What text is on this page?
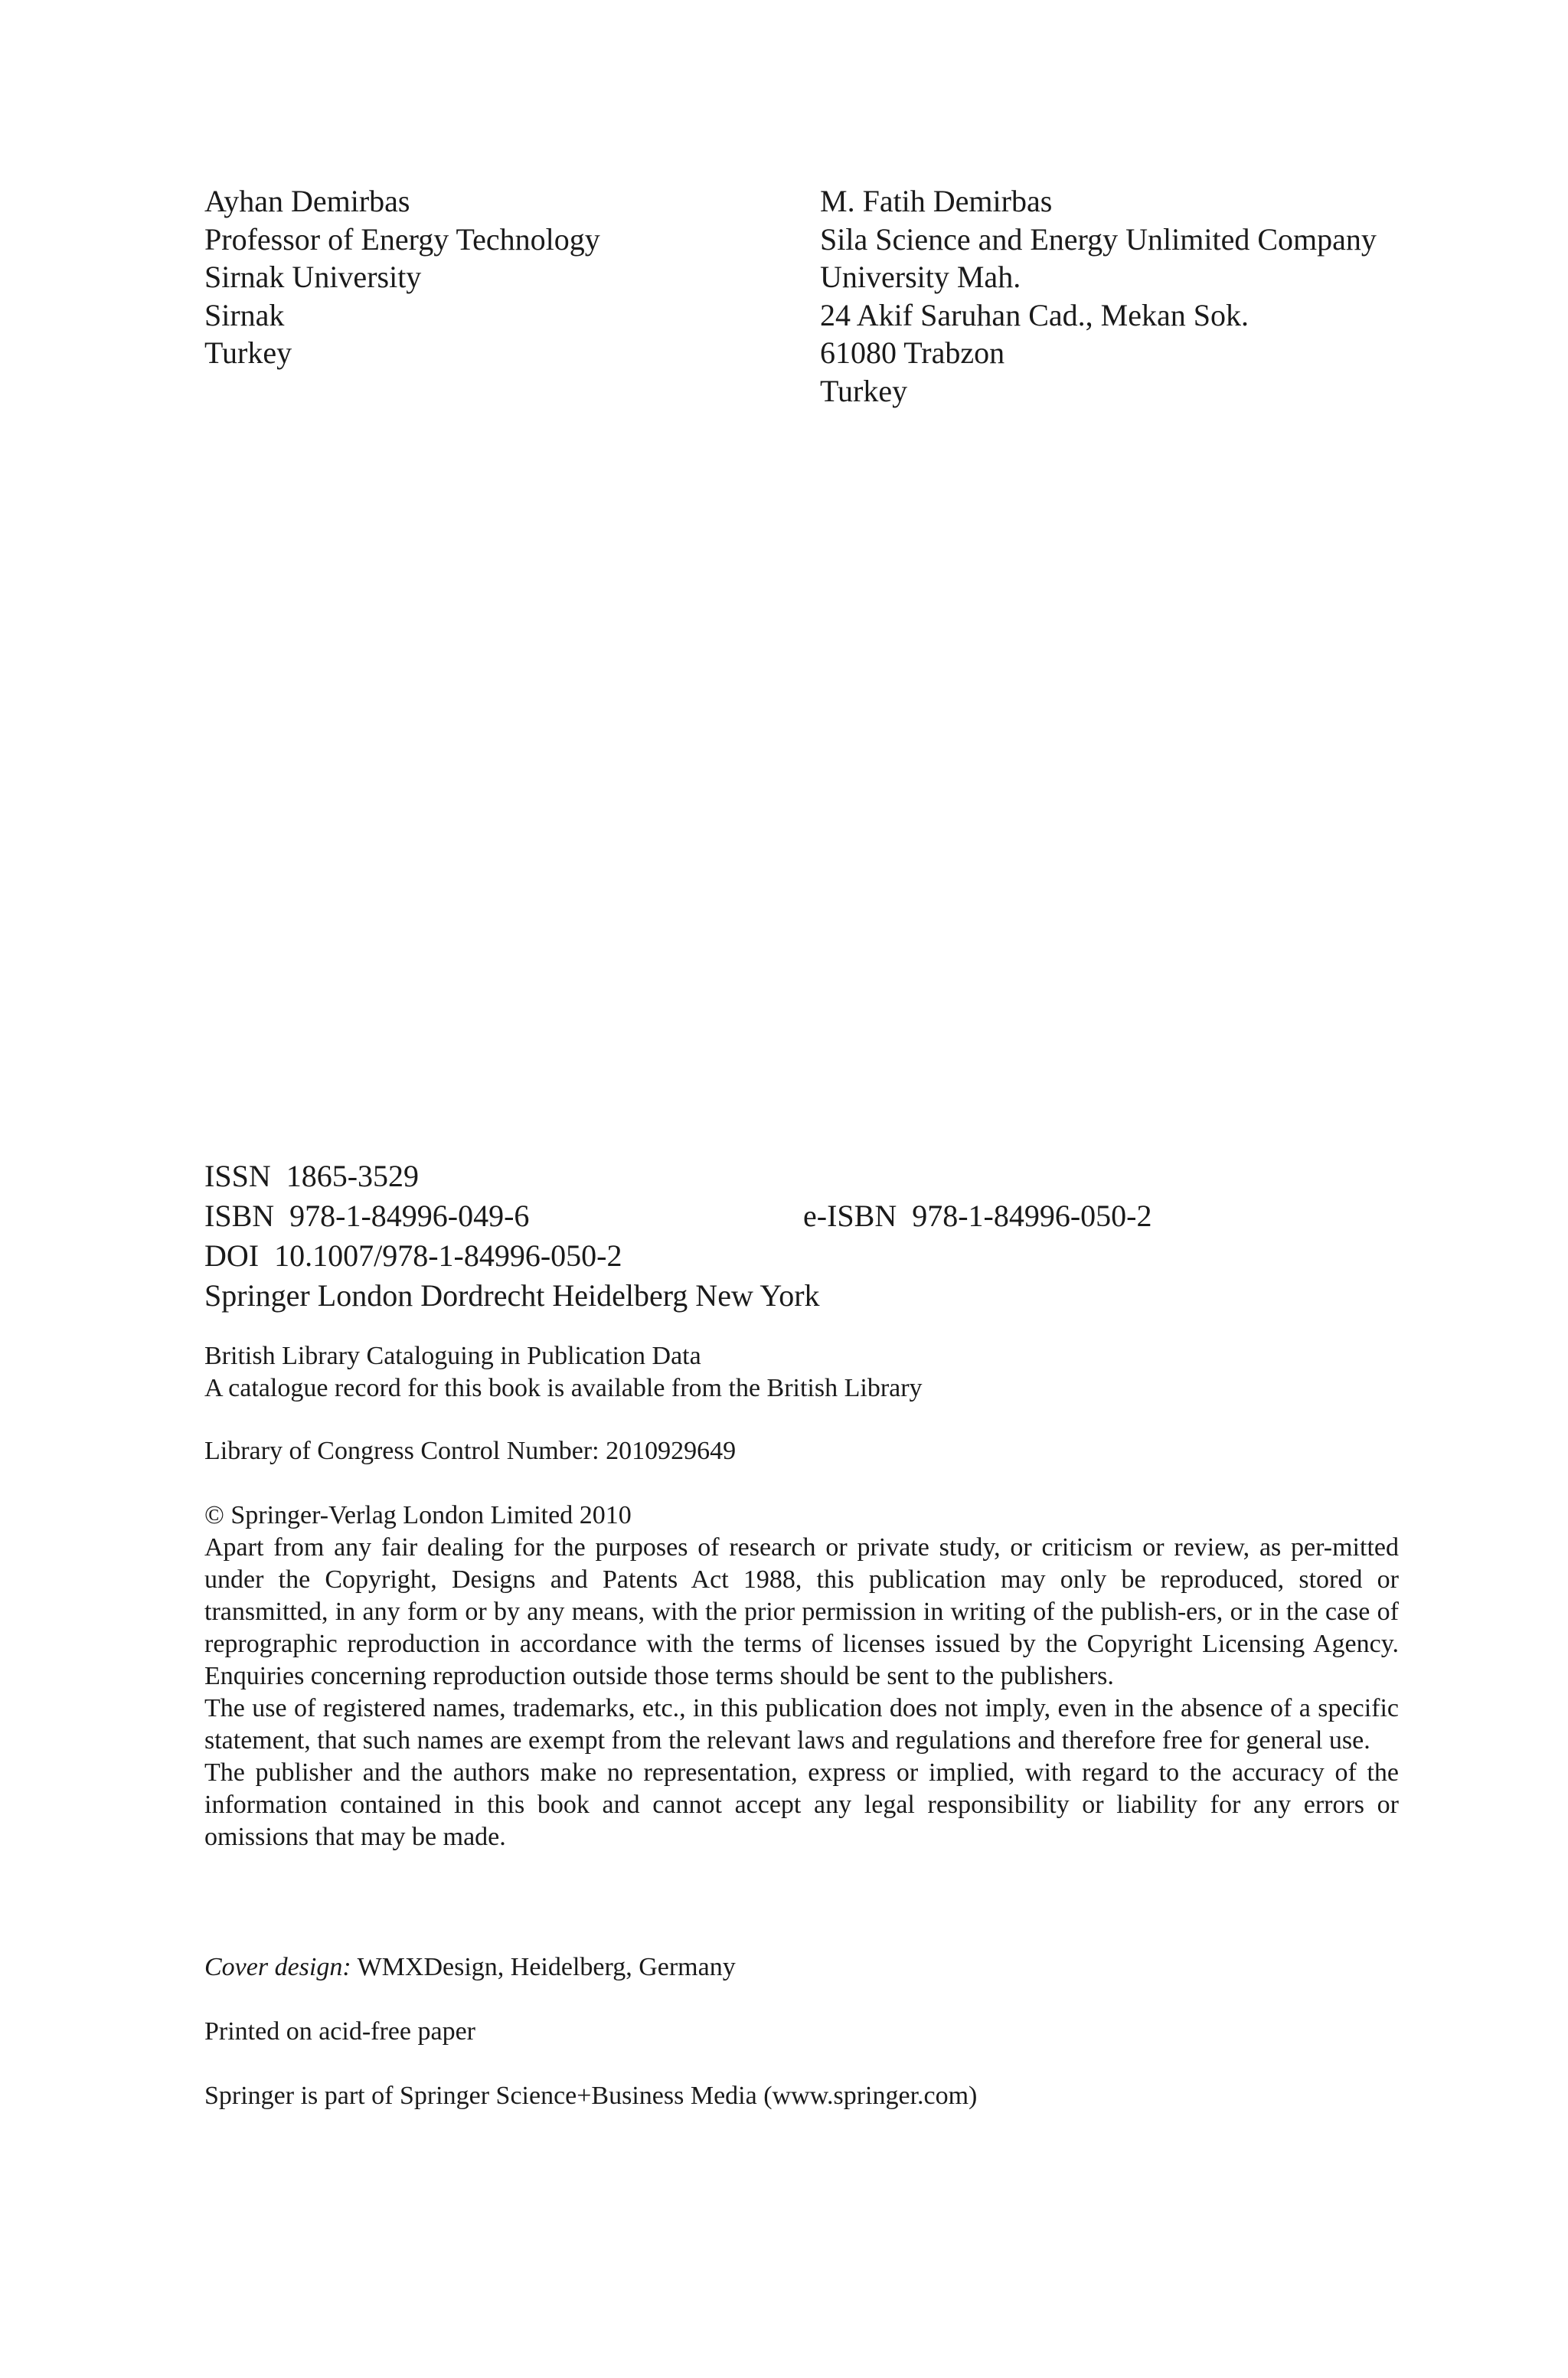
Ayhan Demirbas
Professor of Energy Technology
Sirnak University
Sirnak
Turkey
M. Fatih Demirbas
Sila Science and Energy Unlimited Company
University Mah.
24 Akif Saruhan Cad., Mekan Sok.
61080 Trabzon
Turkey
ISSN  1865-3529
ISBN  978-1-84996-049-6	e-ISBN  978-1-84996-050-2
DOI  10.1007/978-1-84996-050-2
Springer London Dordrecht Heidelberg New York
British Library Cataloguing in Publication Data
A catalogue record for this book is available from the British Library
Library of Congress Control Number: 2010929649
© Springer-Verlag London Limited 2010

Apart from any fair dealing for the purposes of research or private study, or criticism or review, as per-mitted under the Copyright, Designs and Patents Act 1988, this publication may only be reproduced, stored or transmitted, in any form or by any means, with the prior permission in writing of the publish-ers, or in the case of reprographic reproduction in accordance with the terms of licenses issued by the Copyright Licensing Agency. Enquiries concerning reproduction outside those terms should be sent to the publishers.

The use of registered names, trademarks, etc., in this publication does not imply, even in the absence of a specific statement, that such names are exempt from the relevant laws and regulations and therefore free for general use.

The publisher and the authors make no representation, express or implied, with regard to the accuracy of the information contained in this book and cannot accept any legal responsibility or liability for any errors or omissions that may be made.

Cover design: WMXDesign, Heidelberg, Germany
Printed on acid-free paper
Springer is part of Springer Science+Business Media (www.springer.com)
